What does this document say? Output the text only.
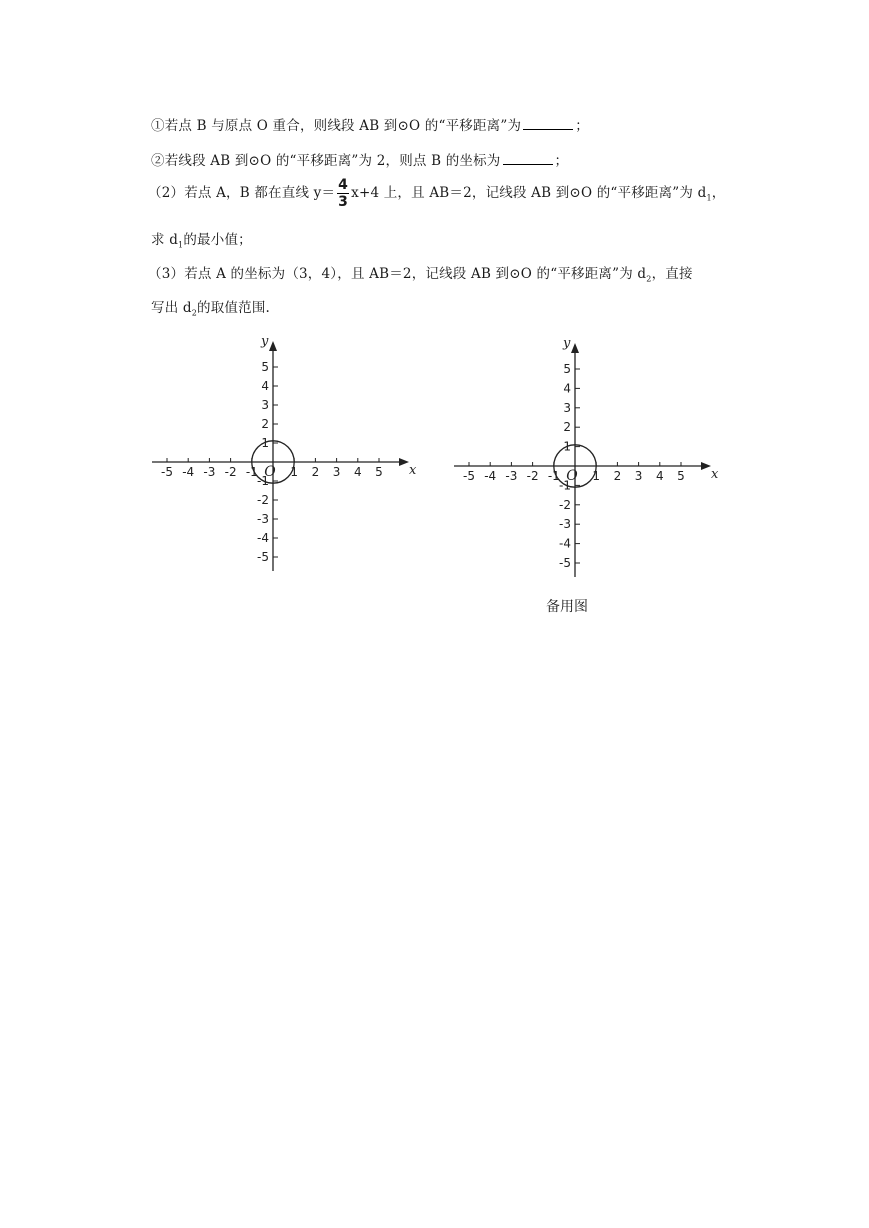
①若点 B 与原点 O 重合，则线段 AB 到⊙O 的“平移距离”为	；
②若线段 AB 到⊙O 的“平移距离”为 2，则点 B 的坐标为	；
（2）若点 A，B 都在直线 $y= \frac{4}{3} x+4$ 上，且 AB＝2，记线段 AB 到⊙O 的“平移距离”为 $d_1$，
求 $d_1$的最小值；
（3）若点 A 的坐标为（3，4），且 AB＝2，记线段 AB 到⊙O 的“平移距离”为 $d_2$，直接
写出 $d_2$的取值范围.
-5 -4 -3 -2 -1	1 2 3 4 5
5
4
3
2
1
-1
-2
-3
-4
-5
x
y
O	-5 -4 -3 -2 -1	1 2 3 4 5
5
4
3
2
1
-1
-2
-3
-4
-5
x
y
O
备用图
